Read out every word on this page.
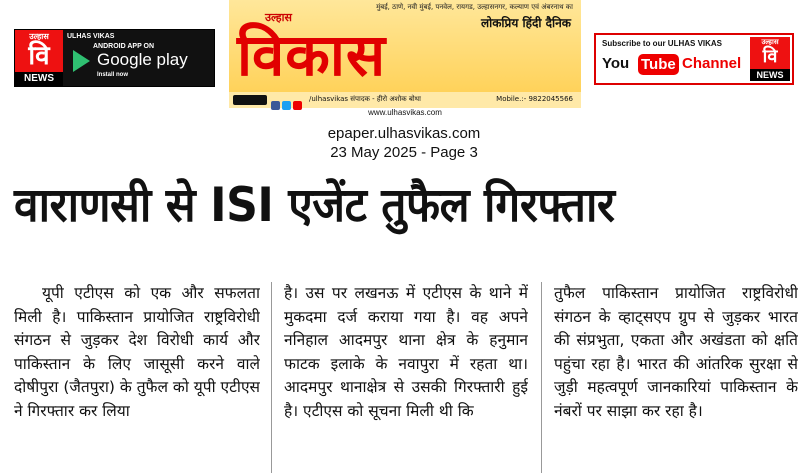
उल्हास
वि
NEWS
ULHAS VIKAS
ANDROID APP ON
Google play
Install now
मुंबई, ठाणे, नवी मुंबई, पनवेल, रायगड, उल्हासनगर, कल्याण एवं अंबरनाथ का
लोकप्रिय हिंदी दैनिक
उल्हास
विकास
/ulhasvikas संपादक - हीरो अशोक बोथा	Mobile.:- 9822045566
www.ulhasvikas.com
Subscribe to our ULHAS VIKAS
You Tube Channel
उल्हास
वि
NEWS
epaper.ulhasvikas.com
23 May 2025 - Page 3
वाराणसी से ISI एजेंट तुफैल गिरफ्तार
यूपी एटीएस को एक और सफलता मिली है। पाकिस्तान प्रायोजित राष्ट्रविरोधी संगठन से जुड़कर देश विरोधी कार्य और पाकिस्तान के लिए जासूसी करने वाले दोषीपुरा (जैतपुरा) के तुफैल को यूपी एटीएस ने गिरफ्तार कर लिया
है। उस पर लखनऊ में एटीएस के थाने में मुकदमा दर्ज कराया गया है। वह अपने ननिहाल आदमपुर थाना क्षेत्र के हनुमान फाटक इलाके के नवापुरा में रहता था। आदमपुर थानाक्षेत्र से उसकी गिरफ्तारी हुई है। एटीएस को सूचना मिली थी कि
तुफैल पाकिस्तान प्रायोजित राष्ट्रविरोधी संगठन के व्हाट्सएप ग्रुप से जुड़कर भारत की संप्रभुता, एकता और अखंडता को क्षति पहुंचा रहा है। भारत की आंतरिक सुरक्षा से जुड़ी महत्वपूर्ण जानकारियां पाकिस्तान के नंबरों पर साझा कर रहा है।
